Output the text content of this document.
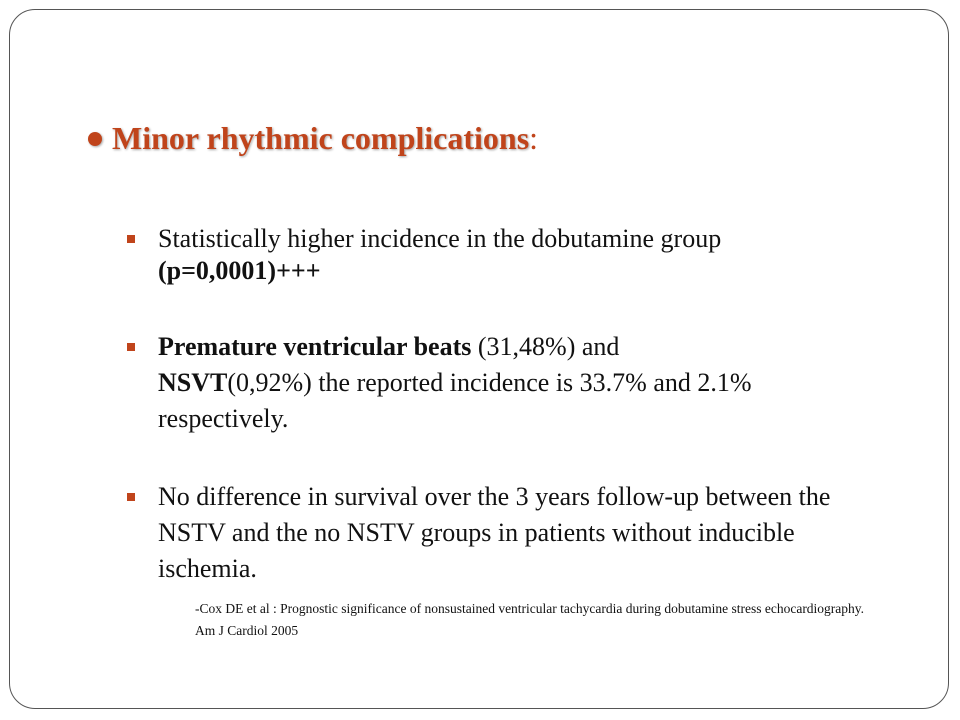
Minor rhythmic complications:
Statistically higher incidence in the dobutamine group
(p=0,0001)+++
Premature ventricular beats (31,48%) and
NSVT(0,92%) the reported incidence is 33.7% and 2.1% respectively.
No difference in survival over the 3 years follow-up between the NSTV and the no NSTV groups in patients without inducible ischemia.
-Cox DE et al : Prognostic significance of nonsustained ventricular tachycardia during dobutamine stress echocardiography. Am J Cardiol 2005
